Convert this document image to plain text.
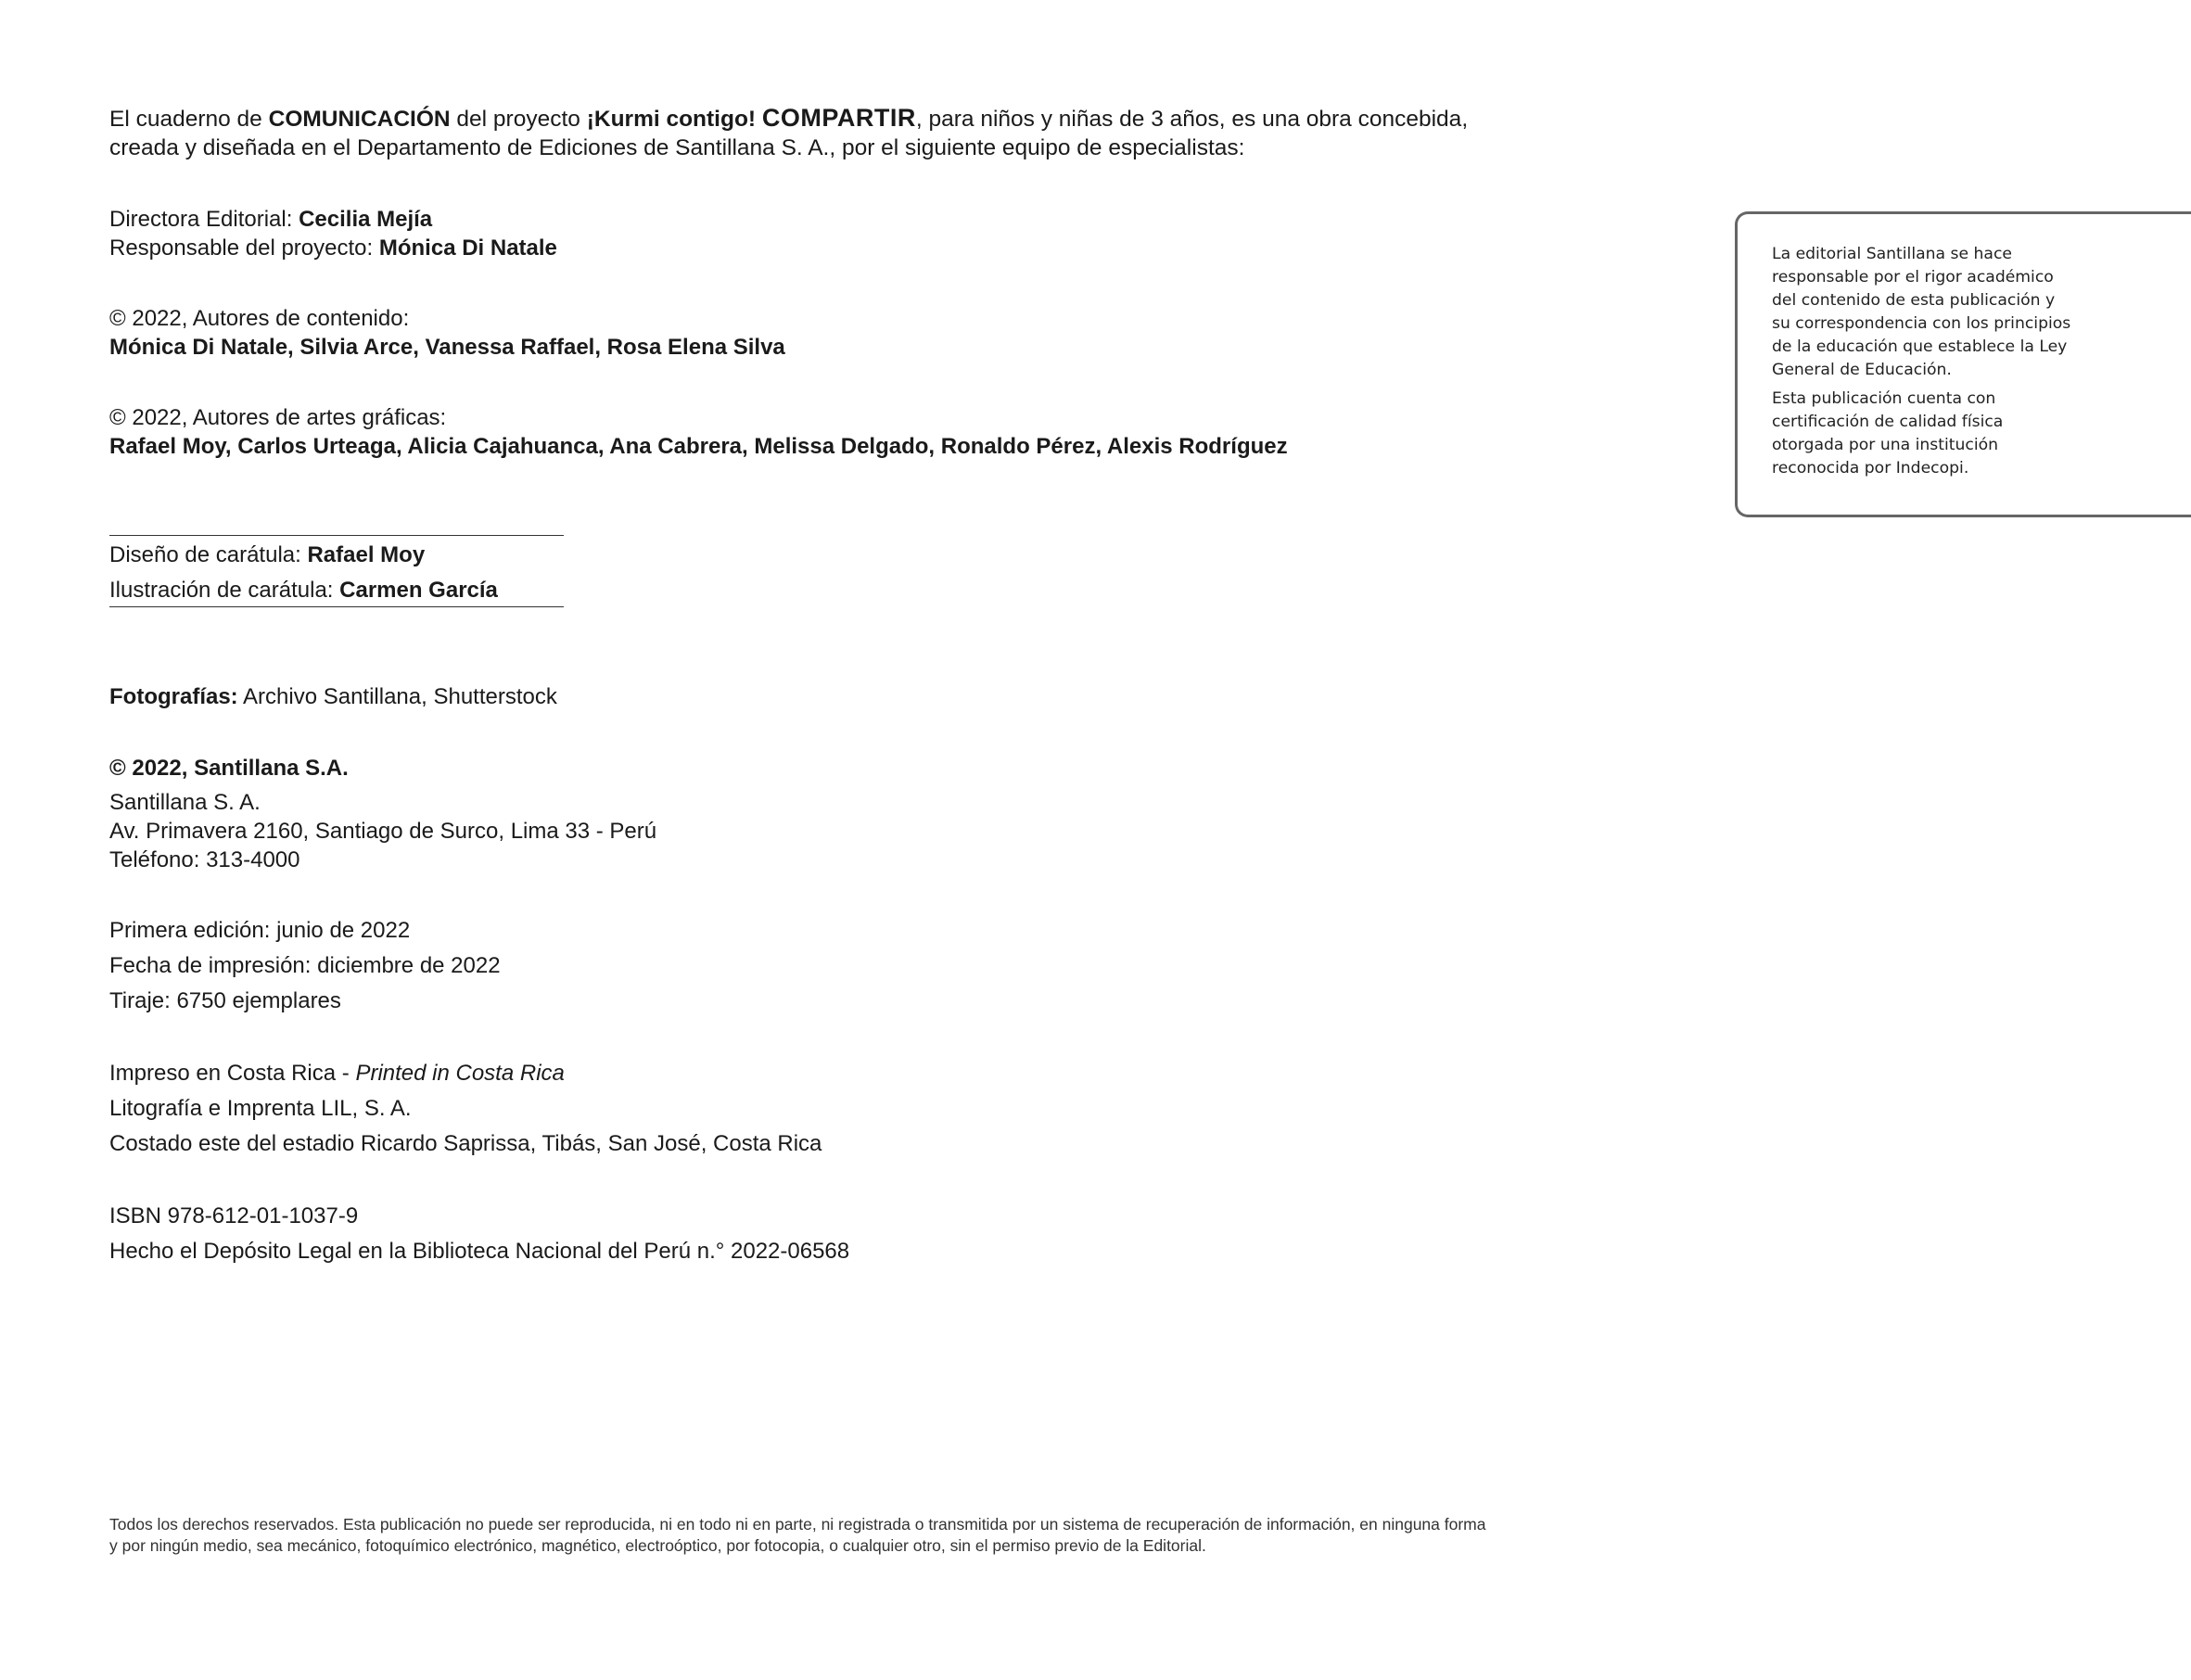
El cuaderno de COMUNICACIÓN del proyecto ¡Kurmi contigo! COMPARTIR, para niños y niñas de 3 años, es una obra concebida,
creada y diseñada en el Departamento de Ediciones de Santillana S. A., por el siguiente equipo de especialistas:
Directora Editorial: Cecilia Mejía
Responsable del proyecto: Mónica Di Natale
© 2022, Autores de contenido:
Mónica Di Natale, Silvia Arce, Vanessa Raffael, Rosa Elena Silva
© 2022, Autores de artes gráficas:
Rafael Moy, Carlos Urteaga, Alicia Cajahuanca, Ana Cabrera, Melissa Delgado, Ronaldo Pérez, Alexis Rodríguez
Diseño de carátula: Rafael Moy
Ilustración de carátula: Carmen García
Fotografías: Archivo Santillana, Shutterstock
© 2022, Santillana S.A.
Santillana S. A.
Av. Primavera 2160, Santiago de Surco, Lima 33 - Perú
Teléfono: 313-4000
Primera edición: junio de 2022
Fecha de impresión: diciembre de 2022
Tiraje: 6750 ejemplares
Impreso en Costa Rica - Printed in Costa Rica
Litografía e Imprenta LIL, S. A.
Costado este del estadio Ricardo Saprissa, Tibás, San José, Costa Rica
ISBN 978-612-01-1037-9
Hecho el Depósito Legal en la Biblioteca Nacional del Perú n.° 2022-06568
Todos los derechos reservados. Esta publicación no puede ser reproducida, ni en todo ni en parte, ni registrada o transmitida por un sistema de recuperación de información, en ninguna forma
y por ningún medio, sea mecánico, fotoquímico electrónico, magnético, electroóptico, por fotocopia, o cualquier otro, sin el permiso previo de la Editorial.

La editorial Santillana se hace responsable por el rigor académico del contenido de esta publicación y su correspondencia con los principios de la educación que establece la Ley General de Educación.

Esta publicación cuenta con certificación de calidad física otorgada por una institución reconocida por Indecopi.
